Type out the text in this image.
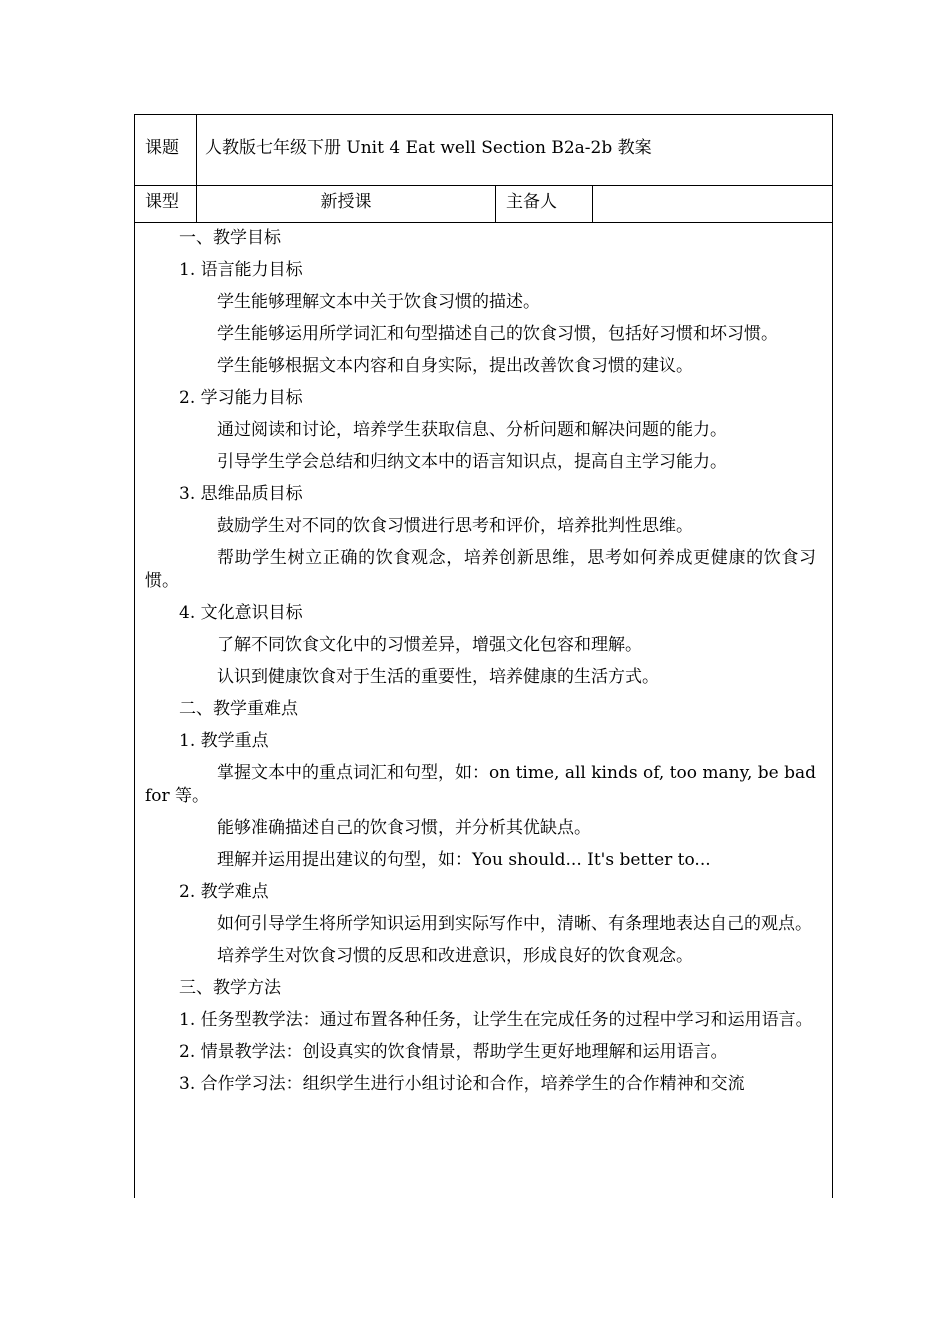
课题	人教版七年级下册 Unit 4 Eat well Section B2a-2b 教案
课型	新授课	主备人

一、教学目标

1. 语言能力目标

学生能够理解文本中关于饮食习惯的描述。

学生能够运用所学词汇和句型描述自己的饮食习惯，包括好习惯和坏习惯。

学生能够根据文本内容和自身实际，提出改善饮食习惯的建议。

2. 学习能力目标

通过阅读和讨论，培养学生获取信息、分析问题和解决问题的能力。

引导学生学会总结和归纳文本中的语言知识点，提高自主学习能力。

3. 思维品质目标

鼓励学生对不同的饮食习惯进行思考和评价，培养批判性思维。

帮助学生树立正确的饮食观念，培养创新思维，思考如何养成更健康的饮食习惯。

4. 文化意识目标

了解不同饮食文化中的习惯差异，增强文化包容和理解。

认识到健康饮食对于生活的重要性，培养健康的生活方式。

二、教学重难点

1. 教学重点

掌握文本中的重点词汇和句型，如：on time, all kinds of, too many, be bad for 等。

能够准确描述自己的饮食习惯，并分析其优缺点。

理解并运用提出建议的句型，如：You should... It's better to...

2. 教学难点

如何引导学生将所学知识运用到实际写作中，清晰、有条理地表达自己的观点。

培养学生对饮食习惯的反思和改进意识，形成良好的饮食观念。

三、教学方法

1. 任务型教学法：通过布置各种任务，让学生在完成任务的过程中学习和运用语言。

2. 情景教学法：创设真实的饮食情景，帮助学生更好地理解和运用语言。

3. 合作学习法：组织学生进行小组讨论和合作，培养学生的合作精神和交流
